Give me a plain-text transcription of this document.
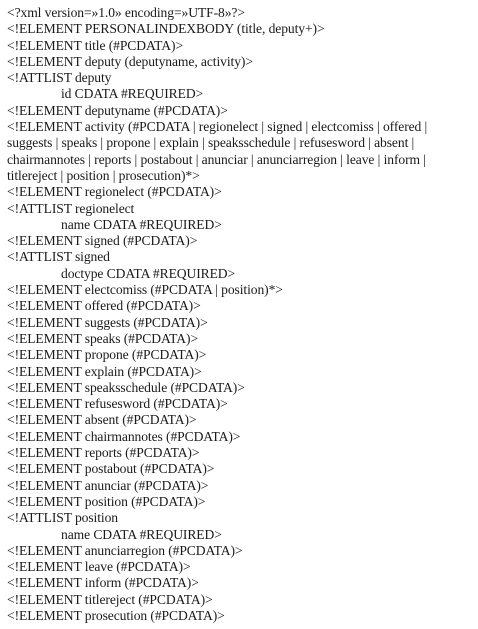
<?xml version=»1.0» encoding=»UTF-8»?>
<!ELEMENT PERSONALINDEXBODY (title, deputy+)>
<!ELEMENT title (#PCDATA)>
<!ELEMENT deputy (deputyname, activity)>
<!ATTLIST deputy
id CDATA #REQUIRED>
<!ELEMENT deputyname (#PCDATA)>
<!ELEMENT activity (#PCDATA | regionelect | signed | electcomiss | offered | suggests | speaks | propone | explain | speaksschedule | refusesword | absent | chairmannotes | reports | postabout | anunciar | anunciarregion | leave | inform | titlereject | position | prosecution)*>
<!ELEMENT regionelect (#PCDATA)>
<!ATTLIST regionelect
name CDATA #REQUIRED>
<!ELEMENT signed (#PCDATA)>
<!ATTLIST signed
doctype CDATA #REQUIRED>
<!ELEMENT electcomiss (#PCDATA | position)*>
<!ELEMENT offered (#PCDATA)>
<!ELEMENT suggests (#PCDATA)>
<!ELEMENT speaks (#PCDATA)>
<!ELEMENT propone (#PCDATA)>
<!ELEMENT explain (#PCDATA)>
<!ELEMENT speaksschedule (#PCDATA)>
<!ELEMENT refusesword (#PCDATA)>
<!ELEMENT absent (#PCDATA)>
<!ELEMENT chairmannotes (#PCDATA)>
<!ELEMENT reports (#PCDATA)>
<!ELEMENT postabout (#PCDATA)>
<!ELEMENT anunciar (#PCDATA)>
<!ELEMENT position (#PCDATA)>
<!ATTLIST position
name CDATA #REQUIRED>
<!ELEMENT anunciarregion (#PCDATA)>
<!ELEMENT leave (#PCDATA)>
<!ELEMENT inform (#PCDATA)>
<!ELEMENT titlereject (#PCDATA)>
<!ELEMENT prosecution (#PCDATA)>
